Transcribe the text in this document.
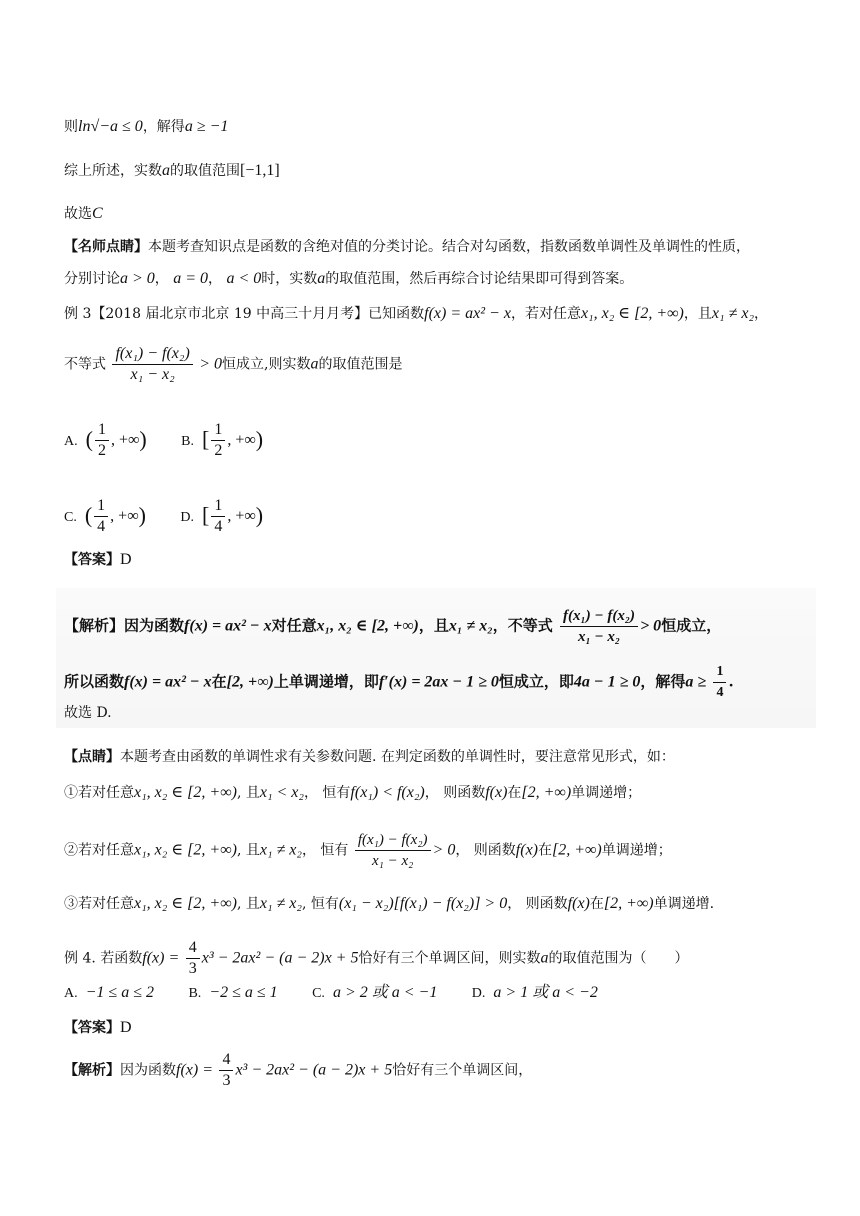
则ln√−a ≤ 0，解得a ≥ −1
综上所述，实数a的取值范围[−1,1]
故选C
【名师点睛】本题考查知识点是函数的含绝对值的分类讨论。结合对勾函数，指数函数单调性及单调性的性质，
分别讨论a > 0， a = 0， a < 0时，实数a的取值范围，然后再综合讨论结果即可得到答案。
例 3【2018 届北京市北京 19 中高三十月月考】已知函数f(x) = ax² − x，若对任意x₁, x₂ ∈ [2, +∞)，且x₁ ≠ x₂，
不等式 $\frac{\text{f(x₁) − f(x₂)}}{\text{x₁ − x₂}} > 0$恒成立,则实数a的取值范围是
A. ( $\frac{1}{2}$ , +∞) B. [ $\frac{1}{2}$ , +∞)
C. ( $\frac{1}{4}$ , +∞) D. [ $\frac{1}{4}$ , +∞)
【答案】D
【解析】因为函数f(x) = ax² − x对任意x₁, x₂ ∈ [2, +∞)，且x₁ ≠ x₂，不等式 $\frac{\text{f(x₁) − f(x₂)}}{\text{x₁ − x₂}} > 0$恒成立，
所以函数f(x) = ax² − x在[2, +∞)上单调递增，即f′(x) = 2ax − 1 ≥ 0恒成立，即4a − 1 ≥ 0，解得$a \ge \frac{1}{4}$ .
故选 D.
【点睛】本题考查由函数的单调性求有关参数问题. 在判定函数的单调性时，要注意常见形式，如：
①若对任意x₁, x₂ ∈ [2, +∞), 且x₁ < x₂， 恒有f(x₁) < f(x₂)， 则函数f(x)在[2, +∞)单调递增；
②若对任意x₁, x₂ ∈ [2, +∞), 且x₁ ≠ x₂， 恒有 $\frac{\text{f(x₁) − f(x₂)}}{\text{x₁ − x₂}} > 0$， 则函数f(x)在[2, +∞)单调递增；
③若对任意x₁, x₂ ∈ [2, +∞), 且x₁ ≠ x₂, 恒有(x₁ − x₂)[f(x₁) − f(x₂)] > 0， 则函数f(x)在[2, +∞)单调递增.
例 4. 若函数$f(x) = \frac{4}{3} x^3 - 2ax^2 - (a - 2)x + 5$恰好有三个单调区间，则实数a的取值范围为（　　）
A. −1 ≤ a ≤ 2 B. −2 ≤ a ≤ 1 C. a > 2 或 a < −1 D. a > 1 或 a < −2
【答案】D
【解析】因为函数$f(x) = \frac{4}{3} x^3 - 2ax^2 - (a - 2)x + 5$恰好有三个单调区间，
